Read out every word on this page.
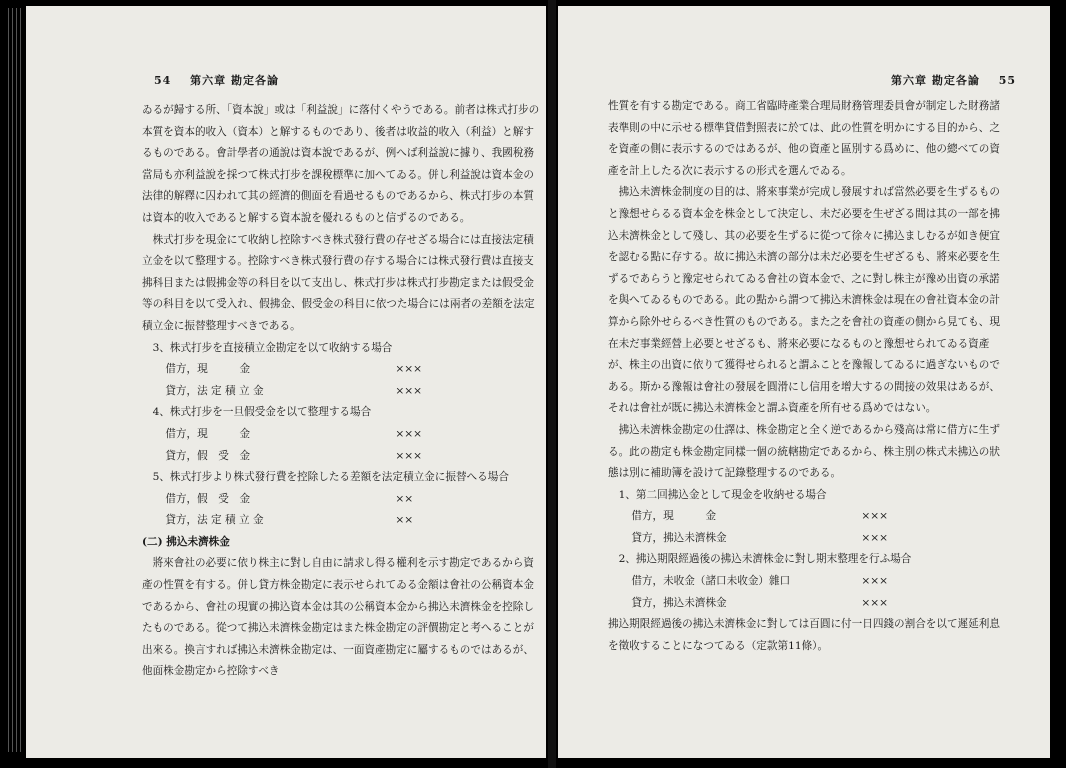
54 第六章 勘定各論

ゐるが歸する所、「資本說」或は「利益說」に落付くやうである。前者は株式打步の本質を資本的收入（資本）と解するものであり、後者は收益的收入（利益）と解するものである。會計學者の通說は資本說であるが、例へば利益說に據り、我國稅務當局も亦利益說を採つて株式打步を課稅標準に加へてゐる。併し利益說は資本金の法律的解釋に囚われて其の經濟的側面を看過せるものであるから、株式打步の本質は資本的收入であると解する資本說を優れるものと信ずるのである。

株式打步を現金にて收納し控除すべき株式發行費の存せざる場合には直接法定積立金を以て整理する。控除すべき株式發行費の存する場合には株式發行費は直接支拂科目または假拂金等の科目を以て支出し、株式打步は株式打步勘定または假受金等の科目を以て受入れ、假拂金、假受金の科目に依つた場合には兩者の差額を法定積立金に振替整理すべきである。

3、株式打步を直接積立金勘定を以て收納する場合

借方，現　　　金	×××
貸方，法 定 積 立 金	×××

4、株式打步を一旦假受金を以て整理する場合

借方，現　　　金	×××
貸方，假　受　金	×××

5、株式打步より株式發行費を控除したる差額を法定積立金に振替へる場合

借方，假　受　金	××
貸方，法 定 積 立 金	××

(二) 拂込未濟株金

將來會社の必要に依り株主に對し自由に請求し得る權利を示す勘定であるから資產の性質を有する。併し貸方株金勘定に表示せられてゐる金額は會社の公稱資本金であるから、會社の現實の拂込資本金は其の公稱資本金から拂込未濟株金を控除したものである。從つて拂込未濟株金勘定はまた株金勘定の評價勘定と考へることが出來る。換言すれば拂込未濟株金勘定は、一面資產勘定に屬するものではあるが、他面株金勘定から控除すべき

第六章 勘定各論 55

性質を有する勘定である。商工省臨時產業合理局財務管理委員會が制定した財務諸表準則の中に示せる標準貸借對照表に於ては、此の性質を明かにする目的から、之を資產の側に表示するのではあるが、他の資產と區別する爲めに、他の總べての資產を計上したる次に表示するの形式を選んでゐる。

拂込未濟株金制度の目的は、將來事業が完成し發展すれば當然必要を生ずるものと豫想せらるる資本金を株金として決定し、未だ必要を生ぜざる間は其の一部を拂込未濟株金として殘し、其の必要を生ずるに從つて徐々に拂込ましむるが如き便宜を認むる點に存する。故に拂込未濟の部分は未だ必要を生ぜざるも、將來必要を生ずるであらうと豫定せられてゐる會社の資本金で、之に對し株主が豫め出資の承諾を與へてゐるものである。此の點から謂つて拂込未濟株金は現在の會社資本金の計算から除外せらるべき性質のものである。また之を會社の資產の側から見ても、現在未だ事業經營上必要とせざるも、將來必要になるものと豫想せられてゐる資產が、株主の出資に依りて獲得せられると謂ふことを豫報してゐるに過ぎないものである。斯かる豫報は會社の發展を圓滑にし信用を增大するの間接の效果はあるが、それは會社が既に拂込未濟株金と謂ふ資產を所有せる爲めではない。

拂込未濟株金勘定の仕譯は、株金勘定と全く逆であるから殘高は常に借方に生ずる。此の勘定も株金勘定同樣一個の統轄勘定であるから、株主別の株式未拂込の狀態は別に補助簿を設けて記錄整理するのである。

1、第二回拂込金として現金を收納せる場合

借方，現　　　金	×××
貸方，拂込未濟株金	×××

2、拂込期限經過後の拂込未濟株金に對し期末整理を行ふ場合

借方，未收金（諸口未收金）雜口	×××
貸方，拂込未濟株金	×××

拂込期限經過後の拂込未濟株金に對しては百圓に付一日四錢の割合を以て遲延利息を徵收することになつてゐる（定款第11條）。
